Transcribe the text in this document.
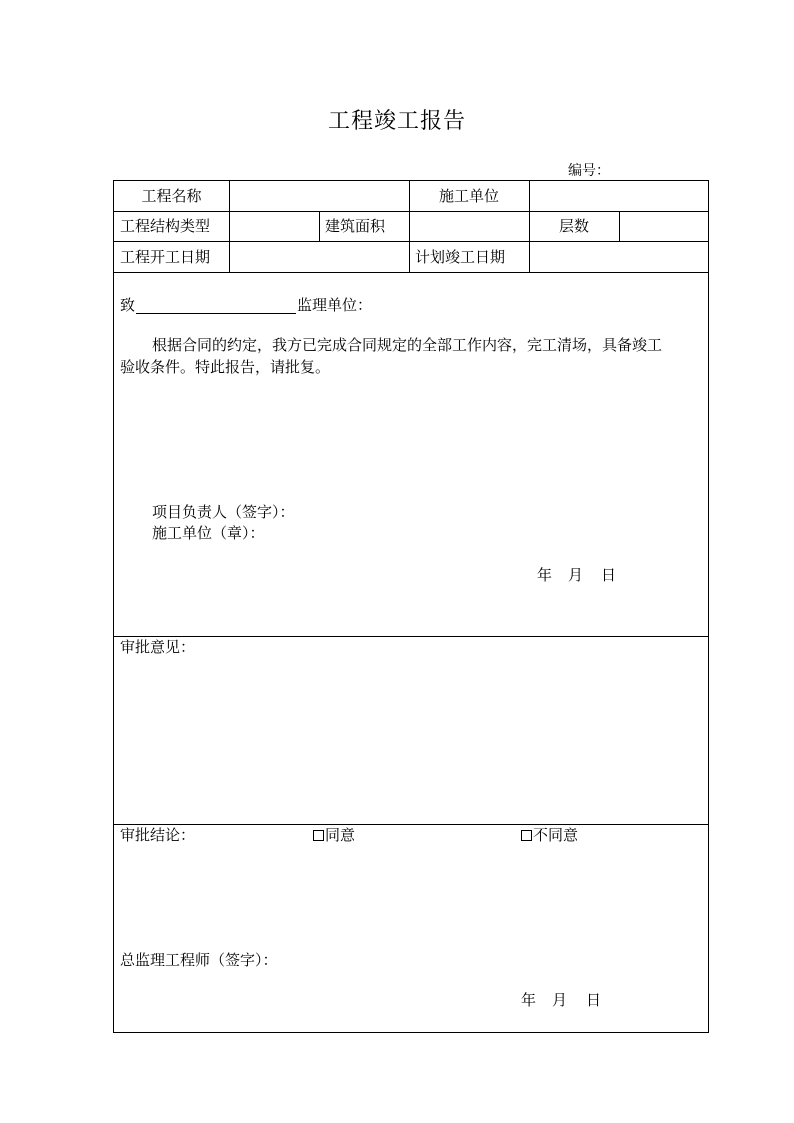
工程竣工报告
编号：
工程名称	施工单位
工程结构类型	建筑面积	层数
工程开工日期	计划竣工日期
致	监理单位：
根据合同的约定，我方已完成合同规定的全部工作内容，完工清场，具备竣工
验收条件。特此报告，请批复。
项目负责人（签字）：
施工单位（章）：
年 月 日
审批意见：
审批结论：	同意	不同意
总监理工程师（签字）：
年 月 日
